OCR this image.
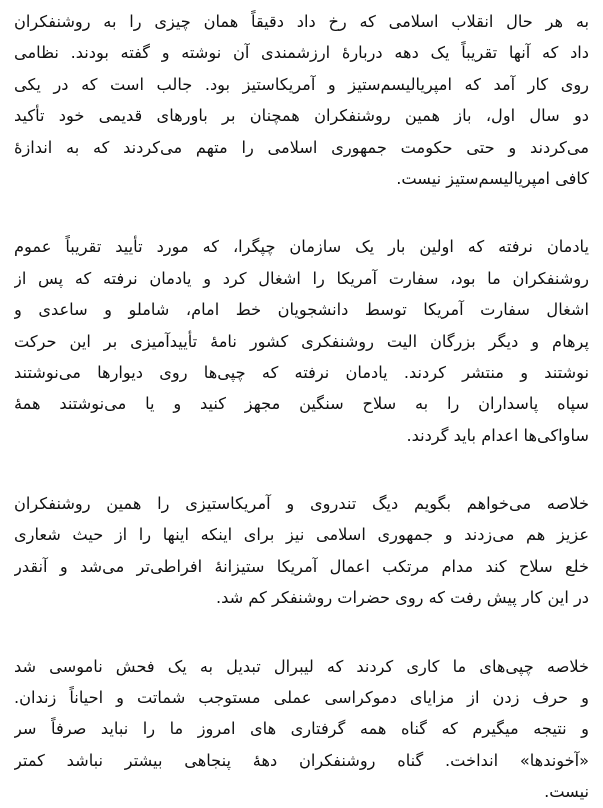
به هر حال انقلاب اسلامی که رخ داد دقیقاً همان چیزی را به روشنفکران
داد که آنها تقریباً یک دهه دربارهٔ ارزشمندی آن نوشته و گفته بودند. نظامی
روی کار آمد که امپریالیسم‌ستیز و آمریکاستیز بود. جالب است که در یکی
دو سال اول، باز همین روشنفکران همچنان بر باورهای قدیمی خود تأکید
می‌کردند و حتی حکومت جمهوری اسلامی را متهم می‌کردند که به اندازهٔ
کافی امپریالیسم‌ستیز نیست.
یادمان نرفته که اولین بار یک سازمان چپگرا، که مورد تأیید تقریباً عموم
روشنفکران ما بود، سفارت آمریکا را اشغال کرد و یادمان نرفته که پس از
اشغال سفارت آمریکا توسط دانشجویان خط امام، شاملو و ساعدی و
پرهام و دیگر بزرگان الیت روشنفکری کشور نامهٔ تأییدآمیزی بر این حرکت
نوشتند و منتشر کردند. یادمان نرفته که چپی‌ها روی دیوارها می‌نوشتند
سپاه پاسداران را به سلاح سنگین مجهز کنید و یا می‌نوشتند همهٔ
ساواکی‌ها اعدام باید گردند.
خلاصه می‌خواهم بگویم دیگ تندروی و آمریکاستیزی را همین روشنفکران
عزیز هم می‌زدند و جمهوری اسلامی نیز برای اینکه اینها را از حیث شعاری
خلع سلاح کند مدام مرتکب اعمال آمریکا ستیزانهٔ افراطی‌تر می‌شد و آنقدر
در این کار پیش رفت که روی حضرات روشنفکر کم شد.
خلاصه چپی‌های ما کاری کردند که لیبرال تبدیل به یک فحش ناموسی شد
و حرف زدن از مزایای دموکراسی عملی مستوجب شماتت و احیاناً زندان.
و نتیجه میگیرم که گناه همه گرفتاری های امروز ما را نباید صرفاً سر
«آخوندها» انداخت. گناه روشنفکران دههٔ پنجاهی بیشتر نباشد کمتر
نیست.
